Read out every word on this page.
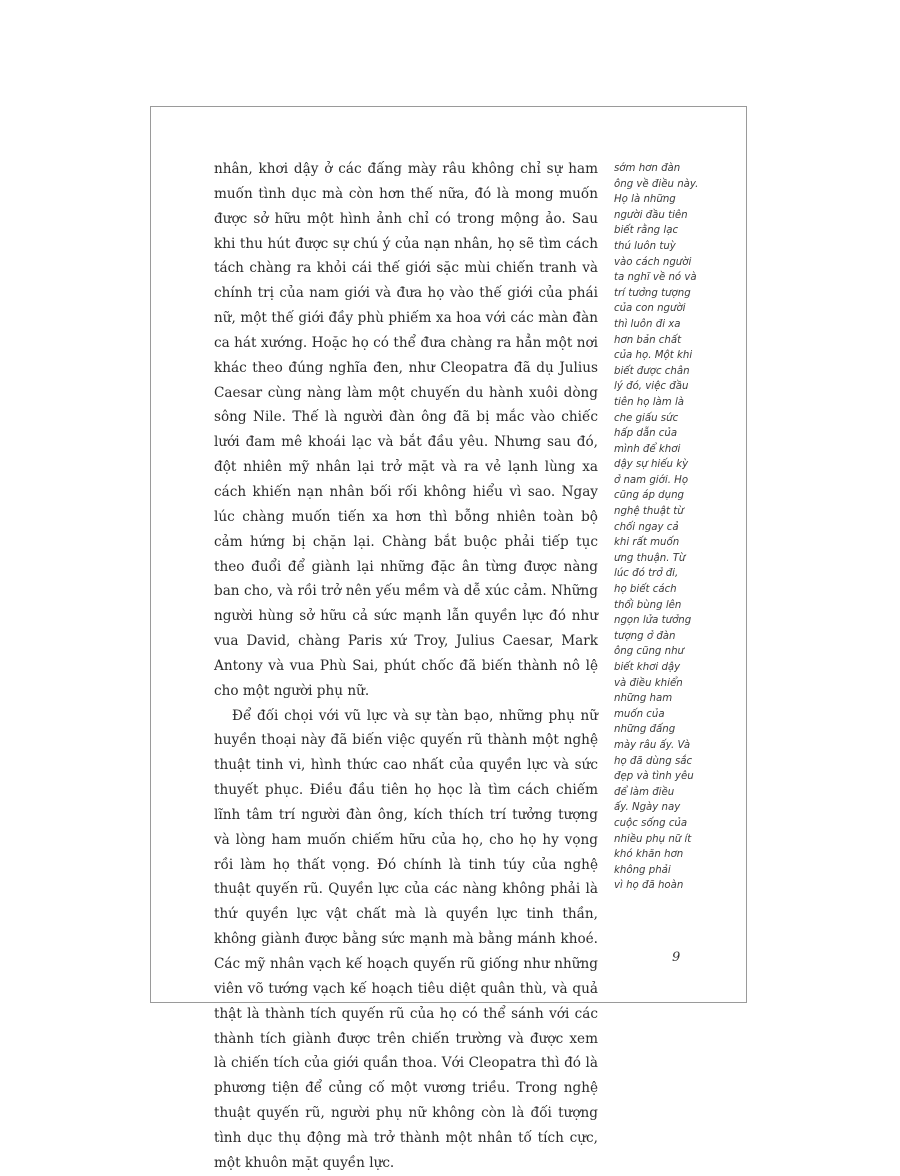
nhân, khơi dậy ở các đấng mày râu không chỉ sự ham muốn tình dục mà còn hơn thế nữa, đó là mong muốn được sở hữu một hình ảnh chỉ có trong mộng ảo. Sau khi thu hút được sự chú ý của nạn nhân, họ sẽ tìm cách tách chàng ra khỏi cái thế giới sặc mùi chiến tranh và chính trị của nam giới và đưa họ vào thế giới của phái nữ, một thế giới đầy phù phiếm xa hoa với các màn đàn ca hát xướng. Hoặc họ có thể đưa chàng ra hẳn một nơi khác theo đúng nghĩa đen, như Cleopatra đã dụ Julius Caesar cùng nàng làm một chuyến du hành xuôi dòng sông Nile. Thế là người đàn ông đã bị mắc vào chiếc lưới đam mê khoái lạc và bắt đầu yêu. Nhưng sau đó, đột nhiên mỹ nhân lại trở mặt và ra vẻ lạnh lùng xa cách khiến nạn nhân bối rối không hiểu vì sao. Ngay lúc chàng muốn tiến xa hơn thì bỗng nhiên toàn bộ cảm hứng bị chặn lại. Chàng bắt buộc phải tiếp tục theo đuổi để giành lại những đặc ân từng được nàng ban cho, và rồi trở nên yếu mềm và dễ xúc cảm. Những người hùng sở hữu cả sức mạnh lẫn quyền lực đó như vua David, chàng Paris xứ Troy, Julius Caesar, Mark Antony và vua Phù Sai, phút chốc đã biến thành nô lệ cho một người phụ nữ.

Để đối chọi với vũ lực và sự tàn bạo, những phụ nữ huyền thoại này đã biến việc quyến rũ thành một nghệ thuật tinh vi, hình thức cao nhất của quyền lực và sức thuyết phục. Điều đầu tiên họ học là tìm cách chiếm lĩnh tâm trí người đàn ông, kích thích trí tưởng tượng và lòng ham muốn chiếm hữu của họ, cho họ hy vọng rồi làm họ thất vọng. Đó chính là tinh túy của nghệ thuật quyến rũ. Quyền lực của các nàng không phải là thứ quyền lực vật chất mà là quyền lực tinh thần, không giành được bằng sức mạnh mà bằng mánh khoé. Các mỹ nhân vạch kế hoạch quyến rũ giống như những viên võ tướng vạch kế hoạch tiêu diệt quân thù, và quả thật là thành tích quyến rũ của họ có thể sánh với các thành tích giành được trên chiến trường và được xem là chiến tích của giới quần thoa. Với Cleopatra thì đó là phương tiện để củng cố một vương triều. Trong nghệ thuật quyến rũ, người phụ nữ không còn là đối tượng tình dục thụ động mà trở thành một nhân tố tích cực, một khuôn mặt quyền lực.

sớm hơn đàn
ông về điều này.
Họ là những
người đầu tiên
biết rằng lạc
thú luôn tuỳ
vào cách người
ta nghĩ về nó và
trí tưởng tượng
của con người
thì luôn đi xa
hơn bản chất
của họ. Một khi
biết được chân
lý đó, việc đầu
tiên họ làm là
che giấu sức
hấp dẫn của
mình để khơi
dậy sự hiếu kỳ
ở nam giới. Họ
cũng áp dụng
nghệ thuật từ
chối ngay cả
khi rất muốn
ưng thuận. Từ
lúc đó trở đi,
họ biết cách
thổi bùng lên
ngọn lửa tưởng
tượng ở đàn
ông cũng như
biết khơi dậy
và điều khiển
những ham
muốn của
những đấng
mày râu ấy. Và
họ đã dùng sắc
đẹp và tình yêu
để làm điều
ấy. Ngày nay
cuộc sống của
nhiều phụ nữ ít
khó khăn hơn
không phải
vì họ đã hoàn
9
